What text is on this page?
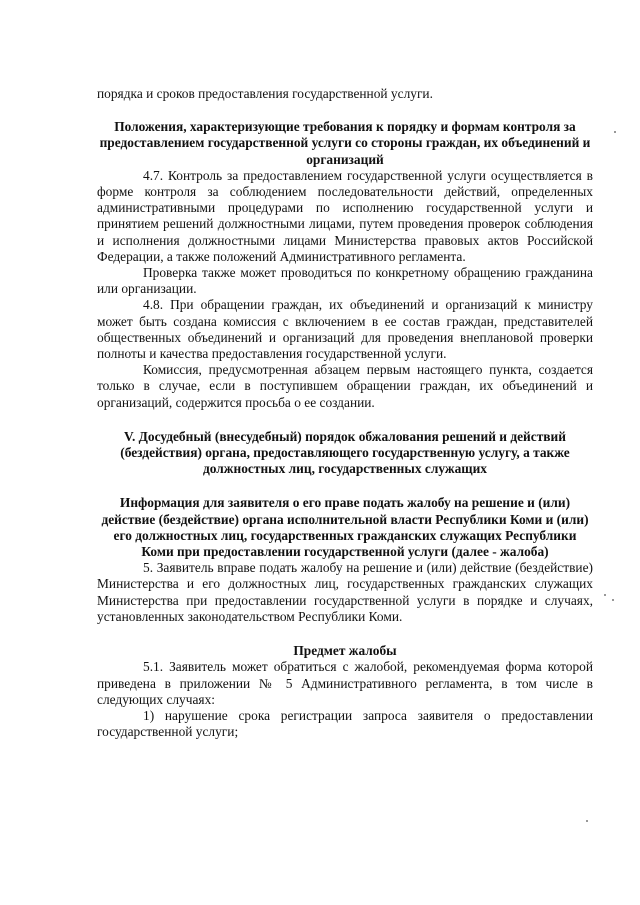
порядка и сроков предоставления государственной услуги.

Положения, характеризующие требования к порядку и формам контроля за предоставлением государственной услуги со стороны граждан, их объединений и организаций

4.7. Контроль за предоставлением государственной услуги осуществляется в форме контроля за соблюдением последовательности действий, определенных административными процедурами по исполнению государственной услуги и принятием решений должностными лицами, путем проведения проверок соблюдения и исполнения должностными лицами Министерства правовых актов Российской Федерации, а также положений Административного регламента.

Проверка также может проводиться по конкретному обращению гражданина или организации.

4.8. При обращении граждан, их объединений и организаций к министру может быть создана комиссия с включением в ее состав граждан, представителей общественных объединений и организаций для проведения внеплановой проверки полноты и качества предоставления государственной услуги.

Комиссия, предусмотренная абзацем первым настоящего пункта, создается только в случае, если в поступившем обращении граждан, их объединений и организаций, содержится просьба о ее создании.

V. Досудебный (внесудебный) порядок обжалования решений и действий (бездействия) органа, предоставляющего государственную услугу, а также должностных лиц, государственных служащих

Информация для заявителя о его праве подать жалобу на решение и (или) действие (бездействие) органа исполнительной власти Республики Коми и (или) его должностных лиц, государственных гражданских служащих Республики Коми при предоставлении государственной услуги (далее - жалоба)

5. Заявитель вправе подать жалобу на решение и (или) действие (бездействие) Министерства и его должностных лиц, государственных гражданских служащих Министерства при предоставлении государственной услуги в порядке и случаях, установленных законодательством Республики Коми.

Предмет жалобы

5.1. Заявитель может обратиться с жалобой, рекомендуемая форма которой приведена в приложении № 5 Административного регламента, в том числе в следующих случаях:

1) нарушение срока регистрации запроса заявителя о предоставлении государственной услуги;
